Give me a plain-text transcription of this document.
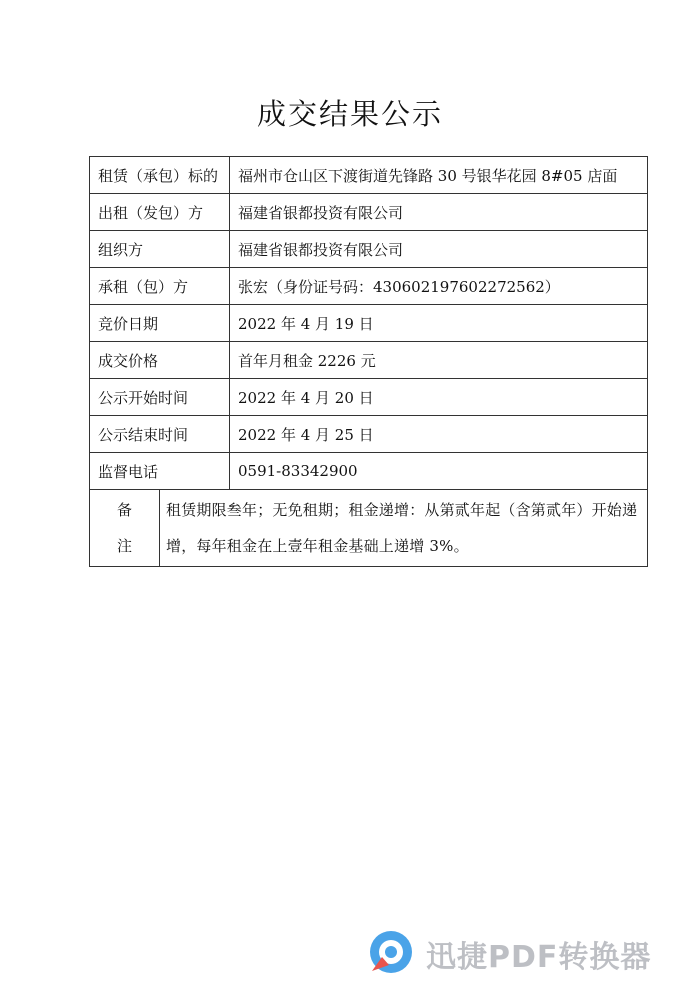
成交结果公示
租赁（承包）标的		福州市仓山区下渡街道先锋路 30 号银华花园 8#05 店面
出租（发包）方		福建省银都投资有限公司
组织方		福建省银都投资有限公司
承租（包）方		张宏（身份证号码：430602197602272562）
竞价日期		2022 年 4 月 19 日
成交价格		首年月租金 2226 元
公示开始时间		2022 年 4 月 20 日
公示结束时间		2022 年 4 月 25 日
监督电话		0591-83342900

备
注	租赁期限叁年；无免租期；租金递增：从第贰年起（含第贰年）开始递增，每年租金在上壹年租金基础上递增 3%。	
迅捷PDF转换器
